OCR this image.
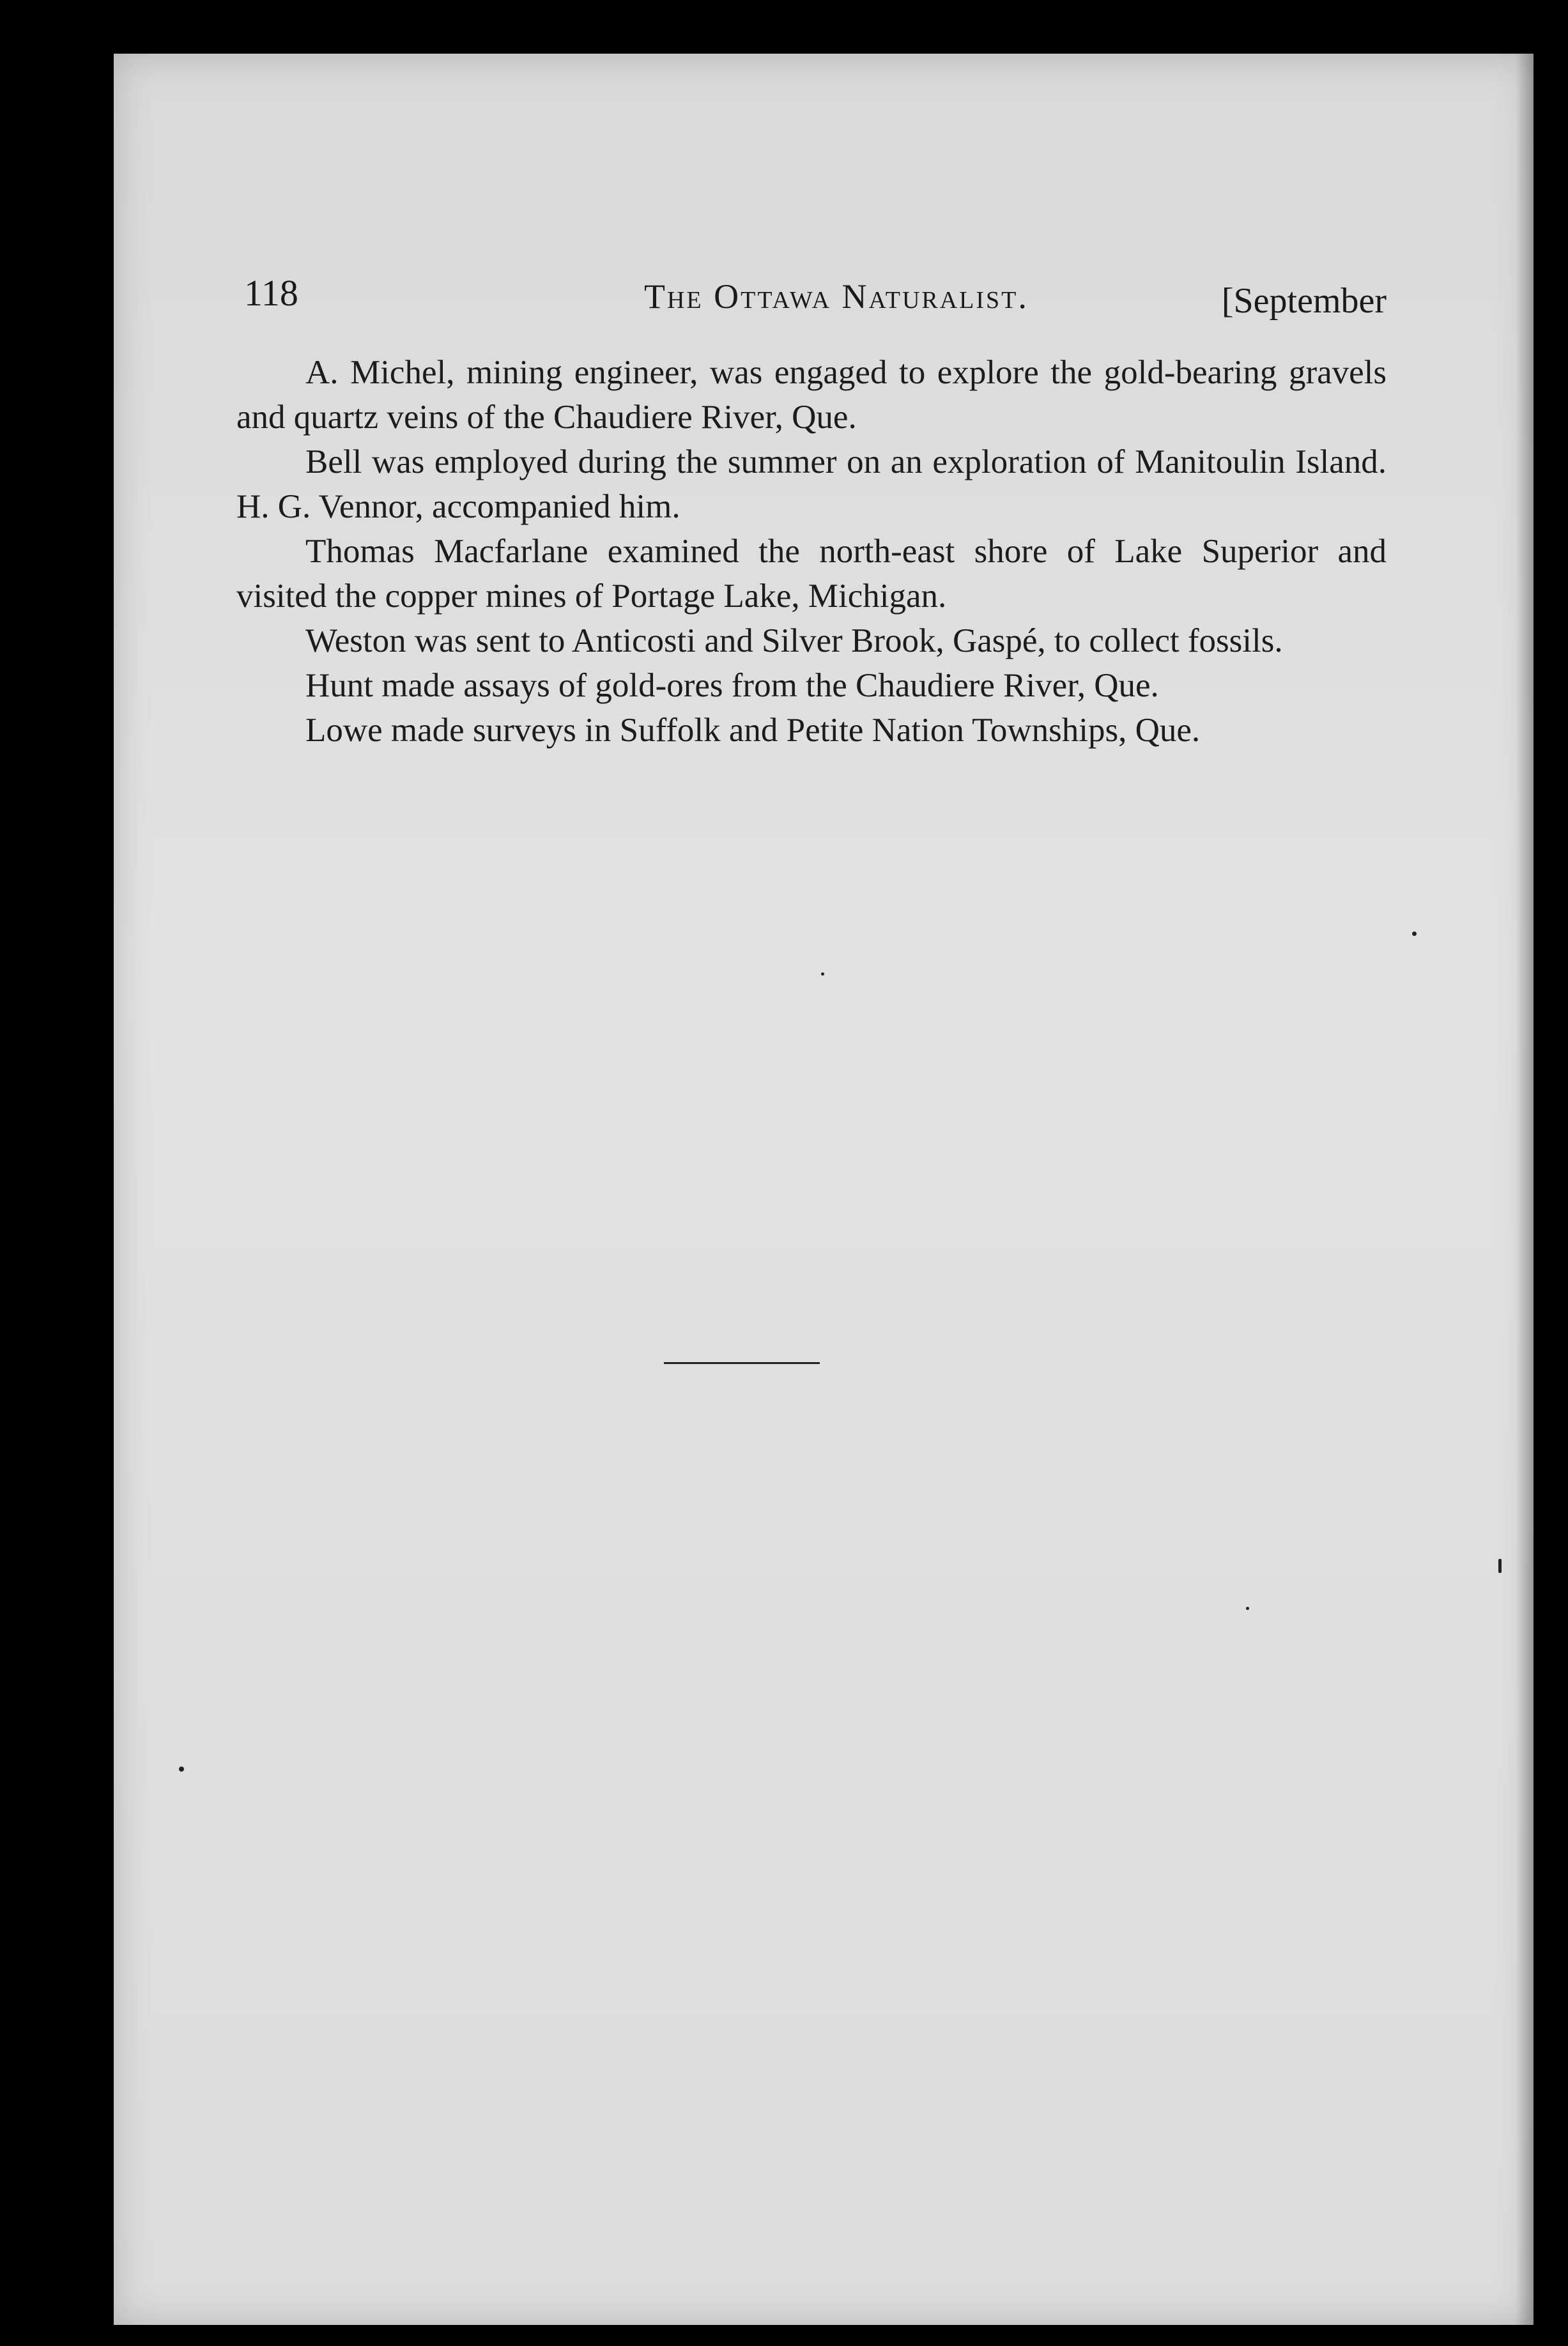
118	The Ottawa Naturalist.	[September

A. Michel, mining engineer, was engaged to explore the gold-bearing gravels and quartz veins of the Chaudiere River, Que.

Bell was employed during the summer on an exploration of Manitoulin Island. H. G. Vennor, accompanied him.

Thomas Macfarlane examined the north-east shore of Lake Superior and visited the copper mines of Portage Lake, Michigan.

Weston was sent to Anticosti and Silver Brook, Gaspé, to collect fossils.

Hunt made assays of gold-ores from the Chaudiere River, Que.

Lowe made surveys in Suffolk and Petite Nation Townships, Que.
